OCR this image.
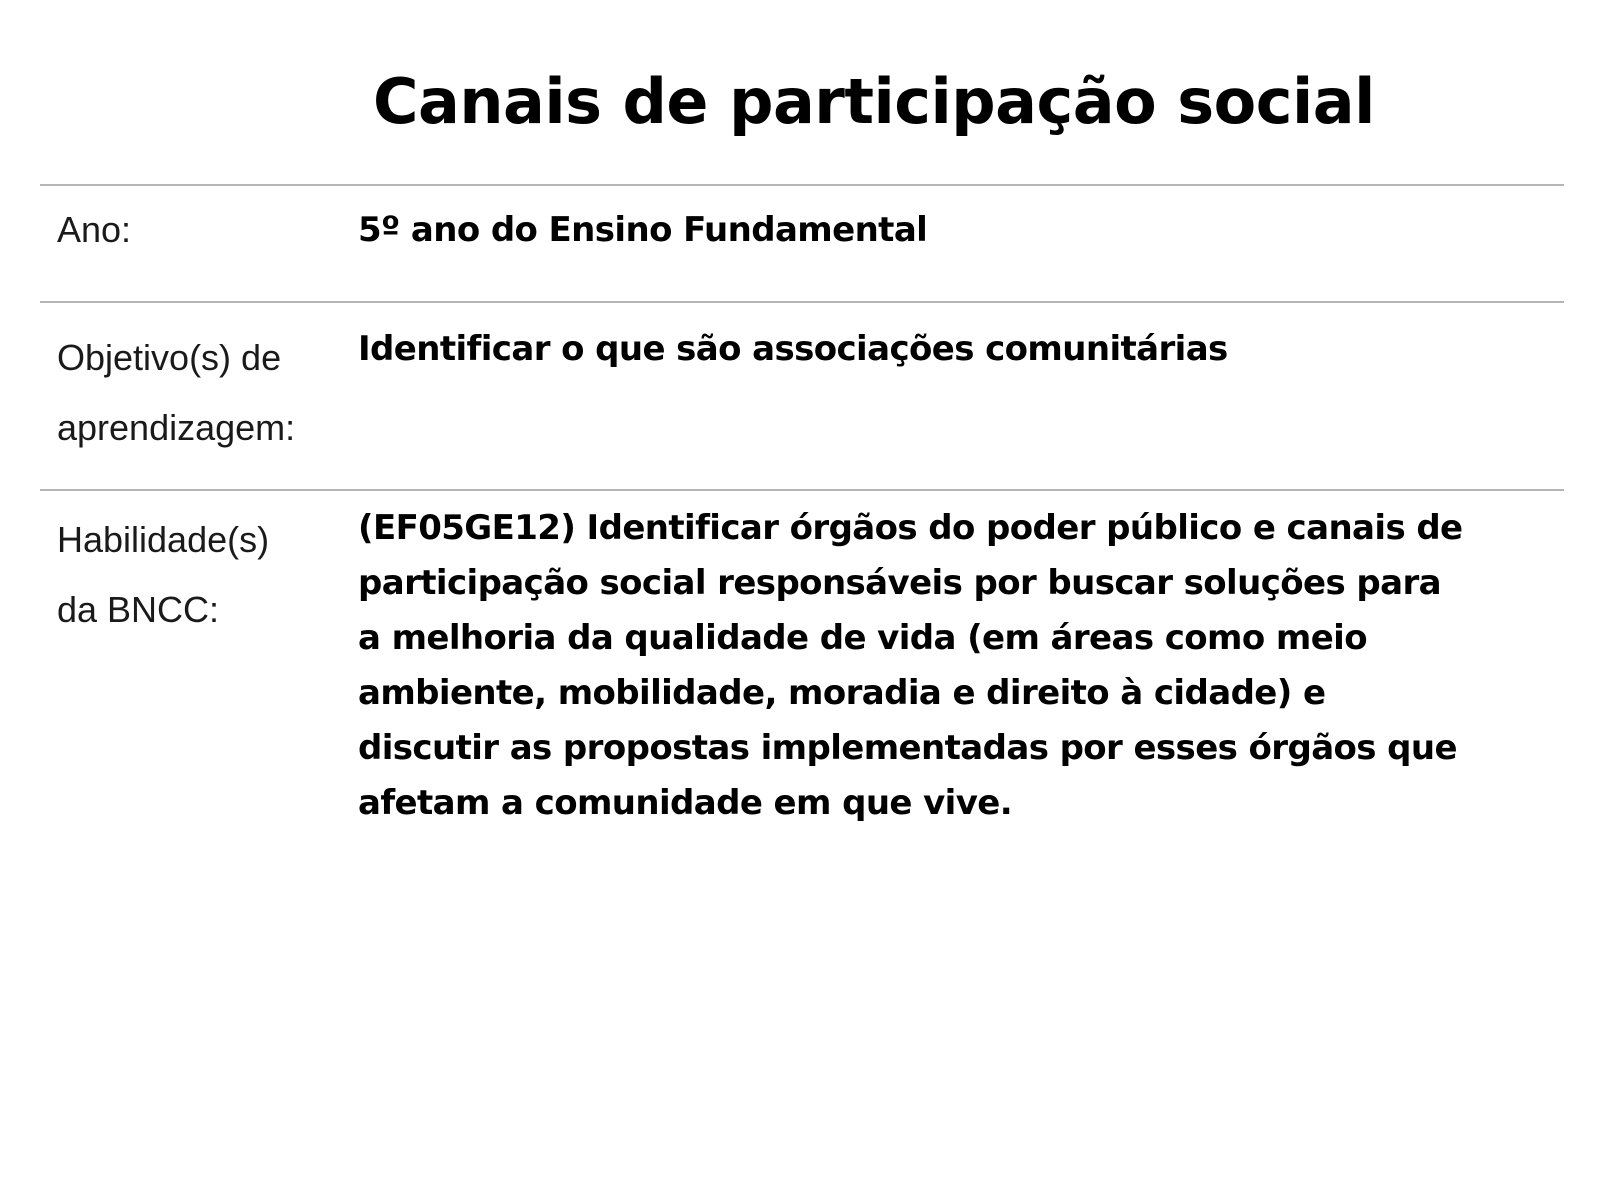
Canais de participação social
Ano:	5º ano do Ensino Fundamental
Objetivo(s) de
aprendizagem:
Identificar o que são associações comunitárias
Habilidade(s)
da BNCC:
(EF05GE12) Identificar órgãos do poder público e canais de
participação social responsáveis por buscar soluções para
a melhoria da qualidade de vida (em áreas como meio
ambiente, mobilidade, moradia e direito à cidade) e
discutir as propostas implementadas por esses órgãos que
afetam a comunidade em que vive.
